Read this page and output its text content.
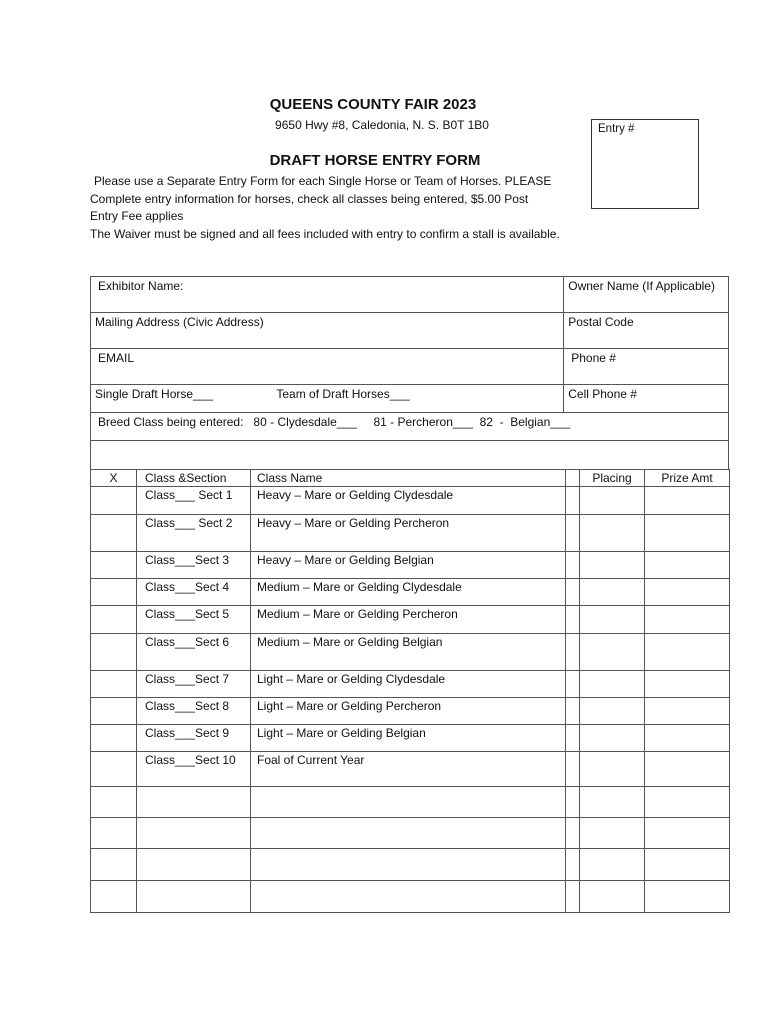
QUEENS COUNTY FAIR 2023
9650 Hwy #8, Caledonia, N. S. B0T 1B0
DRAFT HORSE ENTRY FORM
Entry #
Please use a Separate Entry Form for each Single Horse or Team of Horses. PLEASE
Complete entry information for horses, check all classes being entered, $5.00 Post
Entry Fee applies
The Waiver must be signed and all fees included with entry to confirm a stall is available.
Exhibitor Name:	Owner Name (If Applicable)
Mailing Address (Civic Address)	Postal Code
EMAIL	Phone #
Single Draft Horse___ Team of Draft Horses___	Cell Phone #
Breed Class being entered:   80 - Clydesdale___     81 - Percheron___  82  -  Belgian___	

X	Class &Section	Class Name		Placing	Prize Amt
	Class___ Sect 1	Heavy – Mare or Gelding Clydesdale			
	Class___ Sect 2	Heavy – Mare or Gelding Percheron			
	Class___Sect 3	Heavy – Mare or Gelding Belgian			
	Class___Sect 4	Medium – Mare or Gelding Clydesdale			
	Class___Sect 5	Medium – Mare or Gelding Percheron			
	Class___Sect 6	Medium – Mare or Gelding Belgian			
	Class___Sect 7	Light – Mare or Gelding Clydesdale			
	Class___Sect 8	Light – Mare or Gelding Percheron			
	Class___Sect 9	Light – Mare or Gelding Belgian			
	Class___Sect 10	Foal of Current Year			
